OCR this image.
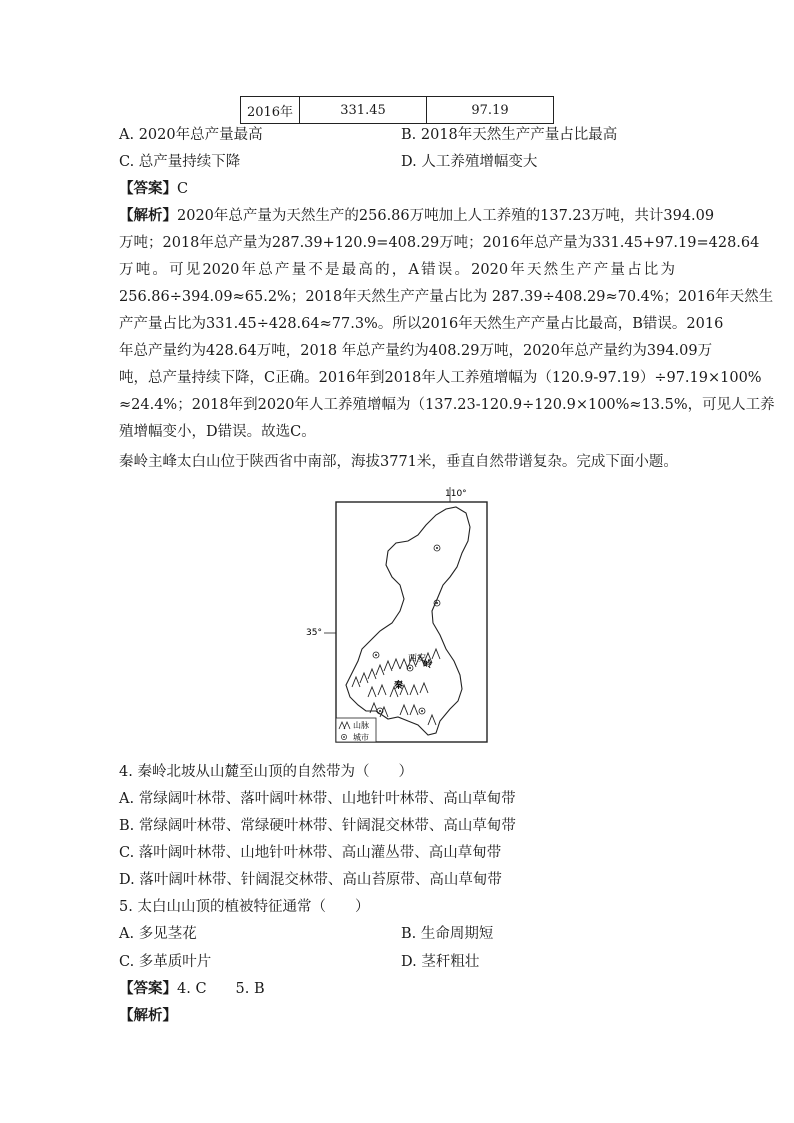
2016年	331.45	97.19
A. 2020年总产量最高	B. 2018年天然生产产量占比最高
C. 总产量持续下降	D. 人工养殖增幅变大
【答案】C
【解析】2020年总产量为天然生产的256.86万吨加上人工养殖的137.23万吨，共计394.09
万吨；2018年总产量为287.39+120.9=408.29万吨；2016年总产量为331.45+97.19=428.64
万吨。可见2020年总产量不是最高的，A错误。2020年天然生产产量占比为
256.86÷394.09≈65.2%；2018年天然生产产量占比为 287.39÷408.29≈70.4%；2016年天然生
产产量占比为331.45÷428.64≈77.3%。所以2016年天然生产产量占比最高，B错误。2016
年总产量约为428.64万吨，2018 年总产量约为408.29万吨，2020年总产量约为394.09万
吨，总产量持续下降，C正确。2016年到2018年人工养殖增幅为（120.9-97.19）÷97.19×100%
≈24.4%；2018年到2020年人工养殖增幅为（137.23-120.9÷120.9×100%≈13.5%，可见人工养
殖增幅变小，D错误。故选C。
秦岭主峰太白山位于陕西省中南部，海拔3771米，垂直自然带谱复杂。完成下面小题。
110°
35°
西安
秦
岭
山脉
城市
4. 秦岭北坡从山麓至山顶的自然带为（　　）
A. 常绿阔叶林带、落叶阔叶林带、山地针叶林带、高山草甸带
B. 常绿阔叶林带、常绿硬叶林带、针阔混交林带、高山草甸带
C. 落叶阔叶林带、山地针叶林带、高山灌丛带、高山草甸带
D. 落叶阔叶林带、针阔混交林带、高山苔原带、高山草甸带
5. 太白山山顶的植被特征通常（　　）
A. 多见茎花	B. 生命周期短
C. 多革质叶片	D. 茎秆粗壮
【答案】4. C　　5. B
【解析】
